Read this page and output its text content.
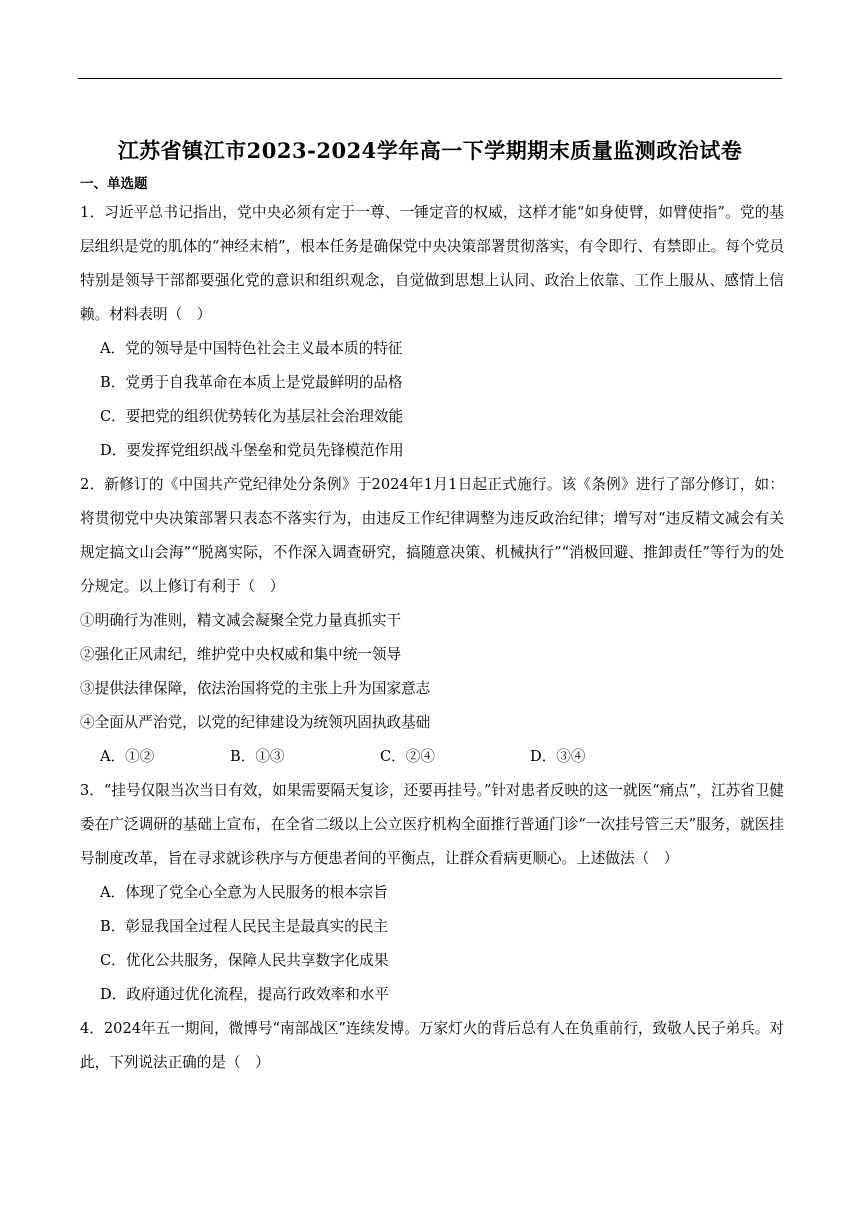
江苏省镇江市2023-2024学年高一下学期期末质量监测政治试卷
一、单选题
1．习近平总书记指出，党中央必须有定于一尊、一锤定音的权威，这样才能“如身使臂，如臂使指”。党的基层组织是党的肌体的“神经末梢”，根本任务是确保党中央决策部署贯彻落实，有令即行、有禁即止。每个党员特别是领导干部都要强化党的意识和组织观念，自觉做到思想上认同、政治上依靠、工作上服从、感情上信赖。材料表明（　）
A．党的领导是中国特色社会主义最本质的特征
B．党勇于自我革命在本质上是党最鲜明的品格
C．要把党的组织优势转化为基层社会治理效能
D．要发挥党组织战斗堡垒和党员先锋模范作用
2．新修订的《中国共产党纪律处分条例》于2024年1月1日起正式施行。该《条例》进行了部分修订，如：将贯彻党中央决策部署只表态不落实行为，由违反工作纪律调整为违反政治纪律；增写对“违反精文减会有关规定搞文山会海”“脱离实际，不作深入调查研究，搞随意决策、机械执行”“消极回避、推卸责任”等行为的处分规定。以上修订有利于（　）
①明确行为准则，精文减会凝聚全党力量真抓实干
②强化正风肃纪，维护党中央权威和集中统一领导
③提供法律保障，依法治国将党的主张上升为国家意志
④全面从严治党，以党的纪律建设为统领巩固执政基础
A．①②	B．①③	C．②④	D．③④
3．“挂号仅限当次当日有效，如果需要隔天复诊，还要再挂号。”针对患者反映的这一就医“痛点”，江苏省卫健委在广泛调研的基础上宣布，在全省二级以上公立医疗机构全面推行普通门诊“一次挂号管三天”服务，就医挂号制度改革，旨在寻求就诊秩序与方便患者间的平衡点，让群众看病更顺心。上述做法（　）
A．体现了党全心全意为人民服务的根本宗旨
B．彰显我国全过程人民民主是最真实的民主
C．优化公共服务，保障人民共享数字化成果
D．政府通过优化流程，提高行政效率和水平
4．2024年五一期间，微博号“南部战区”连续发博。万家灯火的背后总有人在负重前行，致敬人民子弟兵。对此，下列说法正确的是（　）
